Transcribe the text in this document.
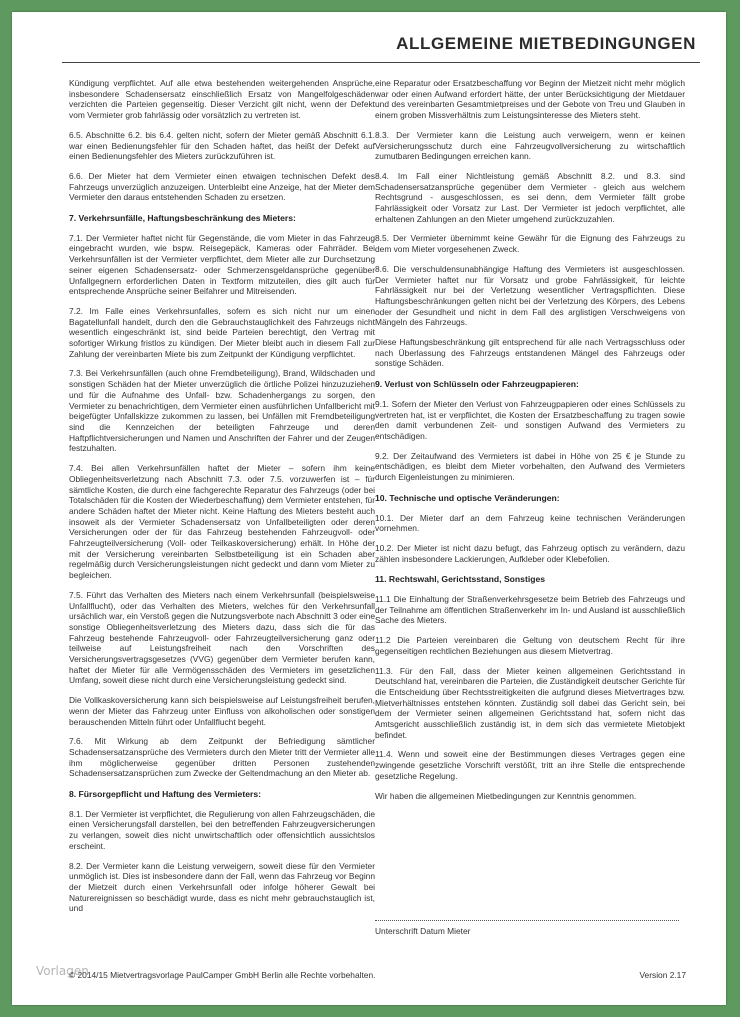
ALLGEMEINE MIETBEDINGUNGEN

Kündigung verpflichtet. Auf alle etwa bestehenden weitergehenden Ansprüche, insbesondere Schadensersatz einschließlich Ersatz von Mangelfolgeschäden verzichten die Parteien gegenseitig. Dieser Verzicht gilt nicht, wenn der Defekt vom Vermieter grob fahrlässig oder vorsätzlich zu vertreten ist.

6.5. Abschnitte 6.2. bis 6.4. gelten nicht, sofern der Mieter gemäß Abschnitt 6.1. war einen Bedienungsfehler für den Schaden haftet, das heißt der Defekt auf einen Bedienungsfehler des Mieters zurückzuführen ist.

6.6. Der Mieter hat dem Vermieter einen etwaigen technischen Defekt des Fahrzeugs unverzüglich anzuzeigen. Unterbleibt eine Anzeige, hat der Mieter dem Vermieter den daraus entstehenden Schaden zu ersetzen.

7. Verkehrsunfälle, Haftungsbeschränkung des Mieters:

7.1. Der Vermieter haftet nicht für Gegenstände, die vom Mieter in das Fahrzeug eingebracht wurden, wie bspw. Reisegepäck, Kameras oder Fahrräder. Bei Verkehrsunfällen ist der Vermieter verpflichtet, dem Mieter alle zur Durchsetzung seiner eigenen Schadensersatz- oder Schmerzensgeldansprüche gegenüber Unfallgegnern erforderlichen Daten in Textform mitzuteilen, dies gilt auch für entsprechende Ansprüche seiner Beifahrer und Mitreisenden.

7.2. Im Falle eines Verkehrsunfalles, sofern es sich nicht nur um einen Bagatellunfall handelt, durch den die Gebrauchstauglichkeit des Fahrzeugs nicht wesentlich eingeschränkt ist, sind beide Parteien berechtigt, den Vertrag mit sofortiger Wirkung fristlos zu kündigen. Der Mieter bleibt auch in diesem Fall zur Zahlung der vereinbarten Miete bis zum Zeitpunkt der Kündigung verpflichtet.

7.3. Bei Verkehrsunfällen (auch ohne Fremdbeteiligung), Brand, Wildschaden und sonstigen Schäden hat der Mieter unverzüglich die örtliche Polizei hinzuzuziehen und für die Aufnahme des Unfall- bzw. Schadenhergangs zu sorgen, den Vermieter zu benachrichtigen, dem Vermieter einen ausführlichen Unfallbericht mit beigefügter Unfallskizze zukommen zu lassen, bei Unfällen mit Fremdbeteiligung sind die Kennzeichen der beteiligten Fahrzeuge und deren Haftpflichtversicherungen und Namen und Anschriften der Fahrer und der Zeugen festzuhalten.

7.4. Bei allen Verkehrsunfällen haftet der Mieter – sofern ihm keine Obliegenheitsverletzung nach Abschnitt 7.3. oder 7.5. vorzuwerfen ist – für sämtliche Kosten, die durch eine fachgerechte Reparatur des Fahrzeugs (oder bei Totalschäden für die Kosten der Wiederbeschaffung) dem Vermieter entstehen, für andere Schäden haftet der Mieter nicht. Keine Haftung des Mieters besteht auch insoweit als der Vermieter Schadensersatz von Unfallbeteiligten oder deren Versicherungen oder der für das Fahrzeug bestehenden Fahrzeugvoll- oder Fahrzeugteilversicherung (Voll- oder Teilkaskoversicherung) erhält. In Höhe der mit der Versicherung vereinbarten Selbstbeteiligung ist ein Schaden aber regelmäßig durch Versicherungsleistungen nicht gedeckt und dann vom Mieter zu begleichen.

7.5. Führt das Verhalten des Mieters nach einem Verkehrsunfall (beispielsweise Unfallflucht), oder das Verhalten des Mieters, welches für den Verkehrsunfall ursächlich war, ein Verstoß gegen die Nutzungsverbote nach Abschnitt 3 oder eine sonstige Obliegenheitsverletzung des Mieters dazu, dass sich die für das Fahrzeug bestehende Fahrzeugvoll- oder Fahrzeugteilversicherung ganz oder teilweise auf Leistungsfreiheit nach den Vorschriften des Versicherungsvertragsgesetzes (VVG) gegenüber dem Vermieter berufen kann, haftet der Mieter für alle Vermögensschäden des Vermieters im gesetzlichen Umfang, soweit diese nicht durch eine Versicherungsleistung gedeckt sind.

Die Vollkaskoversicherung kann sich beispielsweise auf Leistungsfreiheit berufen, wenn der Mieter das Fahrzeug unter Einfluss von alkoholischen oder sonstigen berauschenden Mitteln führt oder Unfallflucht begeht.

7.6. Mit Wirkung ab dem Zeitpunkt der Befriedigung sämtlicher Schadensersatzansprüche des Vermieters durch den Mieter tritt der Vermieter alle ihm möglicherweise gegenüber dritten Personen zustehenden Schadensersatzansprüchen zum Zwecke der Geltendmachung an den Mieter ab.

8. Fürsorgepflicht und Haftung des Vermieters:

8.1. Der Vermieter ist verpflichtet, die Regulierung von allen Fahrzeugschäden, die einen Versicherungsfall darstellen, bei den betreffenden Fahrzeugversicherungen zu verlangen, soweit dies nicht unwirtschaftlich oder offensichtlich aussichtslos erscheint.

8.2. Der Vermieter kann die Leistung verweigern, soweit diese für den Vermieter unmöglich ist. Dies ist insbesondere dann der Fall, wenn das Fahrzeug vor Beginn der Mietzeit durch einen Verkehrsunfall oder infolge höherer Gewalt bei Naturereignissen so beschädigt wurde, dass es nicht mehr gebrauchstauglich ist, und

eine Reparatur oder Ersatzbeschaffung vor Beginn der Mietzeit nicht mehr möglich war oder einen Aufwand erfordert hätte, der unter Berücksichtigung der Mietdauer und des vereinbarten Gesamtmietpreises und der Gebote von Treu und Glauben in einem groben Missverhältnis zum Leistungsinteresse des Mieters steht.

8.3. Der Vermieter kann die Leistung auch verweigern, wenn er keinen Versicherungsschutz durch eine Fahrzeugvollversicherung zu wirtschaftlich zumutbaren Bedingungen erreichen kann.

8.4. Im Fall einer Nichtleistung gemäß Abschnitt 8.2. und 8.3. sind Schadensersatzansprüche gegenüber dem Vermieter - gleich aus welchem Rechtsgrund - ausgeschlossen, es sei denn, dem Vermieter fällt grobe Fahrlässigkeit oder Vorsatz zur Last. Der Vermieter ist jedoch verpflichtet, alle erhaltenen Zahlungen an den Mieter umgehend zurückzuzahlen.

8.5. Der Vermieter übernimmt keine Gewähr für die Eignung des Fahrzeugs zu dem vom Mieter vorgesehenen Zweck.

8.6. Die verschuldensunabhängige Haftung des Vermieters ist ausgeschlossen. Der Vermieter haftet nur für Vorsatz und grobe Fahrlässigkeit, für leichte Fahrlässigkeit nur bei der Verletzung wesentlicher Vertragspflichten. Diese Haftungsbeschränkungen gelten nicht bei der Verletzung des Körpers, des Lebens oder der Gesundheit und nicht in dem Fall des arglistigen Verschweigens von Mängeln des Fahrzeugs.

Diese Haftungsbeschränkung gilt entsprechend für alle nach Vertragsschluss oder nach Überlassung des Fahrzeugs entstandenen Mängel des Fahrzeugs oder sonstige Schäden.

9. Verlust von Schlüsseln oder Fahrzeugpapieren:

9.1. Sofern der Mieter den Verlust von Fahrzeugpapieren oder eines Schlüssels zu vertreten hat, ist er verpflichtet, die Kosten der Ersatzbeschaffung zu tragen sowie den damit verbundenen Zeit- und sonstigen Aufwand des Vermieters zu entschädigen.

9.2. Der Zeitaufwand des Vermieters ist dabei in Höhe von 25 € je Stunde zu entschädigen, es bleibt dem Mieter vorbehalten, den Aufwand des Vermieters durch Eigenleistungen zu minimieren.

10. Technische und optische Veränderungen:

10.1. Der Mieter darf an dem Fahrzeug keine technischen Veränderungen vornehmen.

10.2. Der Mieter ist nicht dazu befugt, das Fahrzeug optisch zu verändern, dazu zählen insbesondere Lackierungen, Aufkleber oder Klebefolien.

11. Rechtswahl, Gerichtsstand, Sonstiges

11.1 Die Einhaltung der Straßenverkehrsgesetze beim Betrieb des Fahrzeugs und der Teilnahme am öffentlichen Straßenverkehr im In- und Ausland ist ausschließlich Sache des Mieters.

11.2 Die Parteien vereinbaren die Geltung von deutschem Recht für ihre gegenseitigen rechtlichen Beziehungen aus diesem Mietvertrag.

11.3. Für den Fall, dass der Mieter keinen allgemeinen Gerichtsstand in Deutschland hat, vereinbaren die Parteien, die Zuständigkeit deutscher Gerichte für die Entscheidung über Rechtsstreitigkeiten die aufgrund dieses Mietvertrages bzw. Mietverhältnisses entstehen könnten. Zuständig soll dabei das Gericht sein, bei dem der Vermieter seinen allgemeinen Gerichtsstand hat, sofern nicht das Amtsgericht ausschließlich zuständig ist, in dem sich das vermietete Mietobjekt befindet.

11.4. Wenn und soweit eine der Bestimmungen dieses Vertrages gegen eine zwingende gesetzliche Vorschrift verstößt, tritt an ihre Stelle die entsprechende gesetzliche Regelung.

Wir haben die allgemeinen Mietbedingungen zur Kenntnis genommen.

Unterschrift Datum Mieter
Vorlagen
© 2014/15 Mietvertragsvorlage PaulCamper GmbH Berlin alle Rechte vorbehalten.	Version 2.17
